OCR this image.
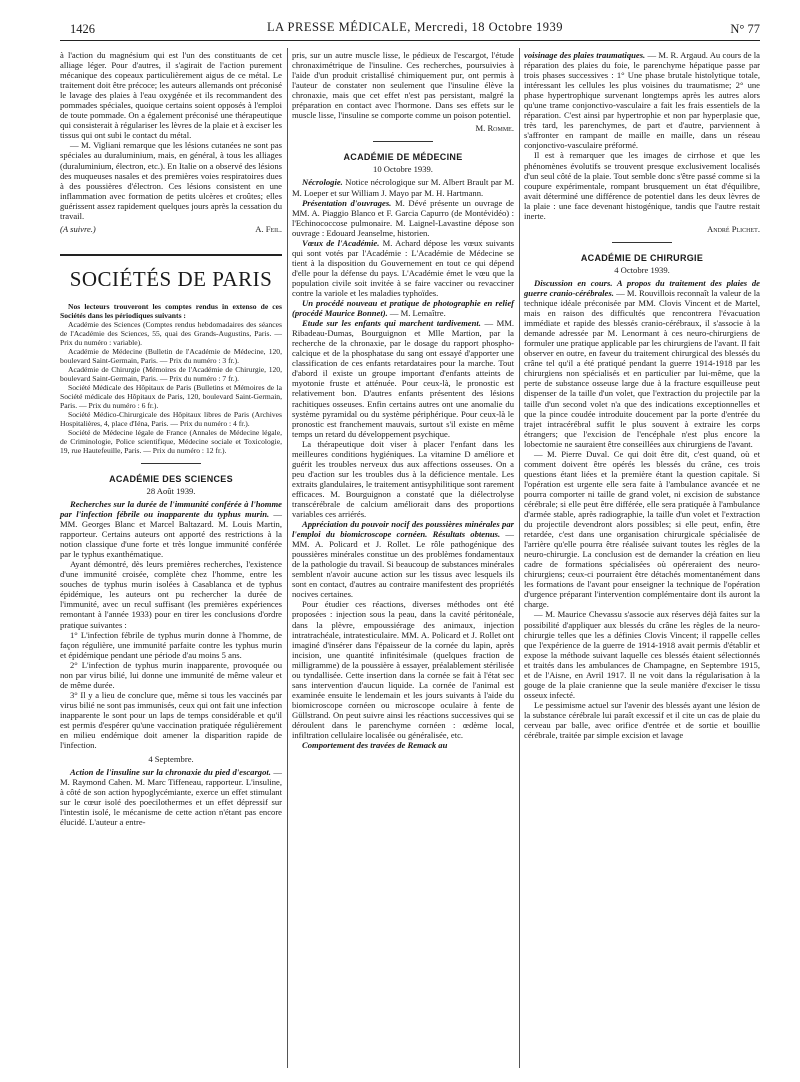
1426	LA PRESSE MÉDICALE, Mercredi, 18 Octobre 1939	N° 77

à l'action du magnésium qui est l'un des constituants de cet alliage léger. Pour d'autres, il s'agirait de l'action purement mécanique des copeaux particulièrement aigus de ce métal. Le traitement doit être précoce; les auteurs allemands ont préconisé le lavage des plaies à l'eau oxygénée et ils recommandent des pommades spéciales, quoique certains soient opposés à l'emploi de toute pommade. On a également préconisé une thérapeutique qui consisterait à régulariser les lèvres de la plaie et à exciser les tissus qui ont subi le contact du métal.

— M. Vigliani remarque que les lésions cutanées ne sont pas spéciales au duraluminium, mais, en général, à tous les alliages (duraluminium, électron, etc.). En Italie on a observé des lésions des muqueuses nasales et des premières voies respiratoires dues à des poussières d'électron. Ces lésions consistent en une inflammation avec formation de petits ulcères et croûtes; elles guérissent assez rapidement quelques jours après la cessation du travail.

(A suivre.)	A. Feil.
SOCIÉTÉS DE PARIS

Nos lecteurs trouveront les comptes rendus in extenso de ces Sociétés dans les périodiques suivants :

Académie des Sciences (Comptes rendus hebdomadaires des séances de l'Académie des Sciences, 55, quai des Grands-Augustins, Paris. — Prix du numéro : variable).

Académie de Médecine (Bulletin de l'Académie de Médecine, 120, boulevard Saint-Germain, Paris. — Prix du numéro : 3 fr.).

Académie de Chirurgie (Mémoires de l'Académie de Chirurgie, 120, boulevard Saint-Germain, Paris. — Prix du numéro : 7 fr.).

Société Médicale des Hôpitaux de Paris (Bulletins et Mémoires de la Société médicale des Hôpitaux de Paris, 120, boulevard Saint-Germain, Paris. — Prix du numéro : 6 fr.).

Société Médico-Chirurgicale des Hôpitaux libres de Paris (Archives Hospitalières, 4, place d'Iéna, Paris. — Prix du numéro : 4 fr.).

Société de Médecine légale de France (Annales de Médecine légale, de Criminologie, Police scientifique, Médecine sociale et Toxicologie, 19, rue Hautefeuille, Paris. — Prix du numéro : 12 fr.).

ACADÉMIE DES SCIENCES
28 Août 1939.

Recherches sur la durée de l'immunité conférée à l'homme par l'infection fébrile ou inapparente du typhus murin. — MM. Georges Blanc et Marcel Baltazard. M. Louis Martin, rapporteur. Certains auteurs ont apporté des restrictions à la notion classique d'une forte et très longue immunité conférée par le typhus exanthématique.

Ayant démontré, dès leurs premières recherches, l'existence d'une immunité croisée, complète chez l'homme, entre les souches de typhus murin isolées à Casablanca et de typhus épidémique, les auteurs ont pu rechercher la durée de l'immunité, avec un recul suffisant (les premières expériences remontant à l'année 1933) pour en tirer les conclusions d'ordre pratique suivantes :

1° L'infection fébrile de typhus murin donne à l'homme, de façon régulière, une immunité parfaite contre les typhus murin et épidémique pendant une période d'au moins 5 ans.

2° L'infection de typhus murin inapparente, provoquée ou non par virus bilié, lui donne une immunité de même valeur et de même durée.

3° Il y a lieu de conclure que, même si tous les vaccinés par virus bilié ne sont pas immunisés, ceux qui ont fait une infection inapparente le sont pour un laps de temps considérable et qu'il est permis d'espérer qu'une vaccination pratiquée régulièrement en milieu endémique doit amener la disparition rapide de l'infection.

4 Septembre.

Action de l'insuline sur la chronaxie du pied d'escargot. — M. Raymond Cahen. M. Marc Tiffeneau, rapporteur. L'insuline, à côté de son action hypoglycémiante, exerce un effet stimulant sur le cœur isolé des poecilothermes et un effet dépressif sur l'intestin isolé, le mécanisme de cette action n'étant pas encore élucidé. L'auteur a entre-

pris, sur un autre muscle lisse, le pédieux de l'escargot, l'étude chronaximétrique de l'insuline. Ces recherches, poursuivies à l'aide d'un produit cristallisé chimiquement pur, ont permis à l'auteur de constater non seulement que l'insuline élève la chronaxie, mais que cet effet n'est pas persistant, malgré la préparation en contact avec l'hormone. Dans ses effets sur le muscle lisse, l'insuline se comporte comme un poison potentiel.

M. Romme.
ACADÉMIE DE MÉDECINE
10 Octobre 1939.

Nécrologie. Notice nécrologique sur M. Albert Brault par M. M. Loeper et sur William J. Mayo par M. H. Hartmann.

Présentation d'ouvrages. M. Dévé présente un ouvrage de MM. A. Piaggio Blanco et F. Garcia Capurro (de Montévidéo) : l'Echinococcose pulmonaire. M. Laignel-Lavastine dépose son ouvrage : Edouard Jeanselme, historien.

Vœux de l'Académie. M. Achard dépose les vœux suivants qui sont votés par l'Académie : L'Académie de Médecine se tient à la disposition du Gouvernement en tout ce qui dépend d'elle pour la défense du pays. L'Académie émet le vœu que la population civile soit invitée à se faire vacciner ou revacciner contre la variole et les maladies typhoïdes.

Un procédé nouveau et pratique de photographie en relief (procédé Maurice Bonnet). — M. Lemaître.

Etude sur les enfants qui marchent tardivement. — MM. Ribadeau-Dumas, Bourguignon et Mlle Martion, par la recherche de la chronaxie, par le dosage du rapport phospho-calcique et de la phosphatase du sang ont essayé d'apporter une classification de ces enfants retardataires pour la marche. Tout d'abord il existe un groupe important d'enfants atteints de myotonie fruste et atténuée. Pour ceux-là, le pronostic est relativement bon. D'autres enfants présentent des lésions rachitiques osseuses. Enfin certains autres ont une anomalie du système pyramidal ou du système périphérique. Pour ceux-là le pronostic est franchement mauvais, surtout s'il existe en même temps un retard du développement psychique.

La thérapeutique doit viser à placer l'enfant dans les meilleures conditions hygiéniques. La vitamine D améliore et guérit les troubles nerveux dus aux affections osseuses. On a peu d'action sur les troubles dus à la déficience mentale. Les extraits glandulaires, le traitement antisyphilitique sont rarement efficaces. M. Bourguignon a constaté que la diélectrolyse transcérébrale de calcium améliorait dans des proportions variables ces arriérés.

Appréciation du pouvoir nocif des poussières minérales par l'emploi du biomicroscope cornéen. Résultats obtenus. — MM. A. Policard et J. Rollet. Le rôle pathogénique des poussières minérales constitue un des problèmes fondamentaux de la pathologie du travail. Si beaucoup de substances minérales semblent n'avoir aucune action sur les tissus avec lesquels ils sont en contact, d'autres au contraire manifestent des propriétés nocives certaines.

Pour étudier ces réactions, diverses méthodes ont été proposées : injection sous la peau, dans la cavité péritonéale, dans la plèvre, empoussiérage des animaux, injection intratrachéale, intratesticulaire. MM. A. Policard et J. Rollet ont imaginé d'insérer dans l'épaisseur de la cornée du lapin, après incision, une quantité infinitésimale (quelques fraction de milligramme) de la poussière à essayer, préalablement stérilisée ou tyndallisée. Cette insertion dans la cornée se fait à l'état sec sans intervention d'aucun liquide. La cornée de l'animal est examinée ensuite le lendemain et les jours suivants à l'aide du biomicroscope cornéen ou microscope oculaire à fente de Güllstrand. On peut suivre ainsi les réactions successives qui se déroulent dans le parenchyme cornéen : œdème local, infiltration cellulaire localisée ou généralisée, etc.

Comportement des travées de Remack au

voisinage des plaies traumatiques. — M. R. Argaud. Au cours de la réparation des plaies du foie, le parenchyme hépatique passe par trois phases successives : 1° Une phase brutale histolytique totale, intéressant les cellules les plus voisines du traumatisme; 2° une phase hypertrophique survenant longtemps après les autres alors qu'une trame conjonctivo-vasculaire a fait les frais essentiels de la réparation. C'est ainsi par hypertrophie et non par hyperplasie que, très tard, les parenchymes, de part et d'autre, parviennent à s'affronter en rampant de maille en maille, dans un réseau conjonctivo-vasculaire préformé.

Il est à remarquer que les images de cirrhose et que les phénomènes évolutifs se trouvent presque exclusivement localisés d'un seul côté de la plaie. Tout semble donc s'être passé comme si la coupure expérimentale, rompant brusquement un état d'équilibre, avait déterminé une différence de potentiel dans les deux lèvres de la plaie : une face devenant histogénique, tandis que l'autre restait inerte.

André Plichet.
ACADÉMIE DE CHIRURGIE
4 Octobre 1939.

Discussion en cours. A propos du traitement des plaies de guerre cranio-cérébrales. — M. Rouvillois reconnaît la valeur de la technique idéale préconisée par MM. Clovis Vincent et de Martel, mais en raison des difficultés que rencontrera l'évacuation immédiate et rapide des blessés cranio-cérébraux, il s'associe à la demande adressée par M. Lenormant à ces neuro-chirurgiens de formuler une pratique applicable par les chirurgiens de l'avant. Il fait observer en outre, en faveur du traitement chirurgical des blessés du crâne tel qu'il a été pratiqué pendant la guerre 1914-1918 par les chirurgiens non spécialisés et en particulier par lui-même, que la perte de substance osseuse large due à la fracture esquilleuse peut dispenser de la taille d'un volet, que l'extraction du projectile par la taille d'un second volet n'a que des indications exceptionnelles et que la pince coudée introduite doucement par la porte d'entrée du trajet intracérébral suffit le plus souvent à extraire les corps étrangers; que l'excision de l'encéphale n'est plus encore la lobectomie ne sauraient être conseillées aux chirurgiens de l'avant.

— M. Pierre Duval. Ce qui doit être dit, c'est quand, où et comment doivent être opérés les blessés du crâne, ces trois questions étant liées et la première étant la question capitale. Si l'opération est urgente elle sera faite à l'ambulance avancée et ne pourra comporter ni taille de grand volet, ni excision de substance cérébrale; si elle peut être différée, elle sera pratiquée à l'ambulance d'armée stable, après radiographie, la taille d'un volet et l'extraction du projectile devendront alors possibles; si elle peut, enfin, être retardée, c'est dans une organisation chirurgicale spécialisée de l'arrière qu'elle pourra être réalisée suivant toutes les règles de la neuro-chirurgie. La conclusion est de demander la création en lieu cadre de formations spécialisées où opéreraient des neuro-chirurgiens; ceux-ci pourraient être détachés momentanément dans les formations de l'avant pour enseigner la technique de l'opération d'urgence préparant l'intervention complémentaire dont ils auront la charge.

— M. Maurice Chevassu s'associe aux réserves déjà faites sur la possibilité d'appliquer aux blessés du crâne les règles de la neuro-chirurgie telles que les a définies Clovis Vincent; il rappelle celles que l'expérience de la guerre de 1914-1918 avait permis d'établir et expose la méthode suivant laquelle ces blessés étaient sélectionnés et traités dans les ambulances de Champagne, en Septembre 1915, et de l'Aisne, en Avril 1917. Il ne voit dans la régularisation à la gouge de la plaie cranienne que la seule manière d'exciser le tissu osseux infecté.

Le pessimisme actuel sur l'avenir des blessés ayant une lésion de la substance cérébrale lui paraît excessif et il cite un cas de plaie du cerveau par balle, avec orifice d'entrée et de sortie et bouillie cérébrale, traitée par simple excision et lavage
